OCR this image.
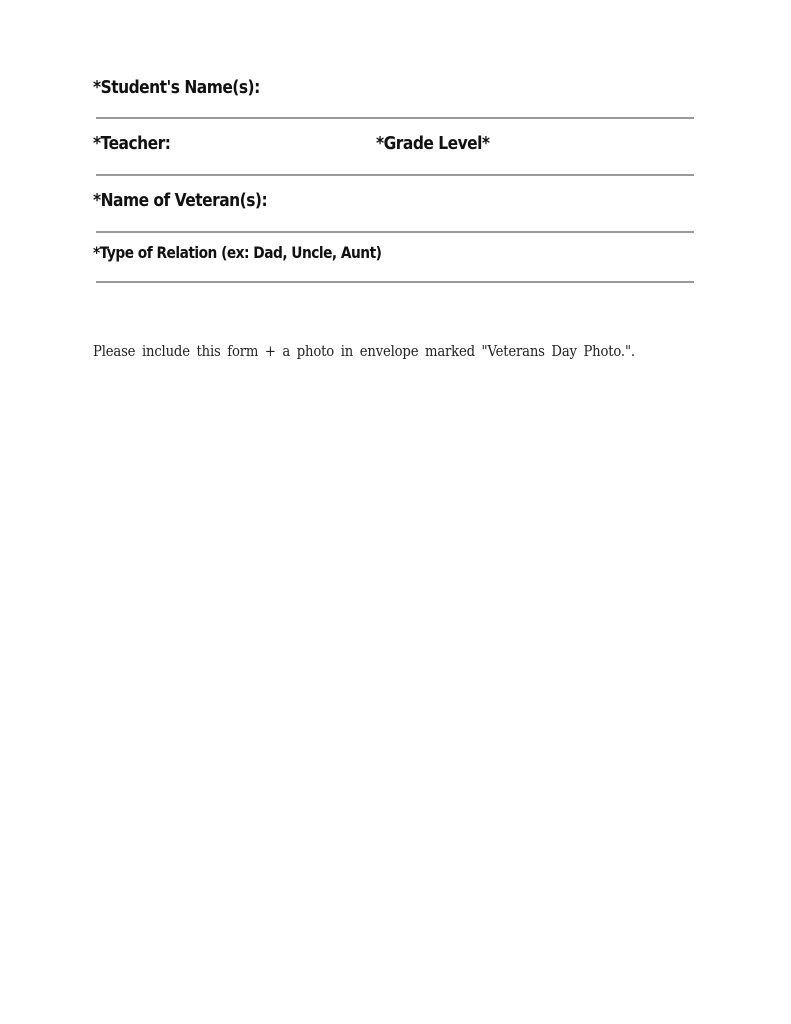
*Student's Name(s):
*Teacher:	*Grade Level*
*Name of Veteran(s):
*Type of Relation (ex: Dad, Uncle, Aunt)
Please include this form + a photo in envelope marked "Veterans Day Photo.".
